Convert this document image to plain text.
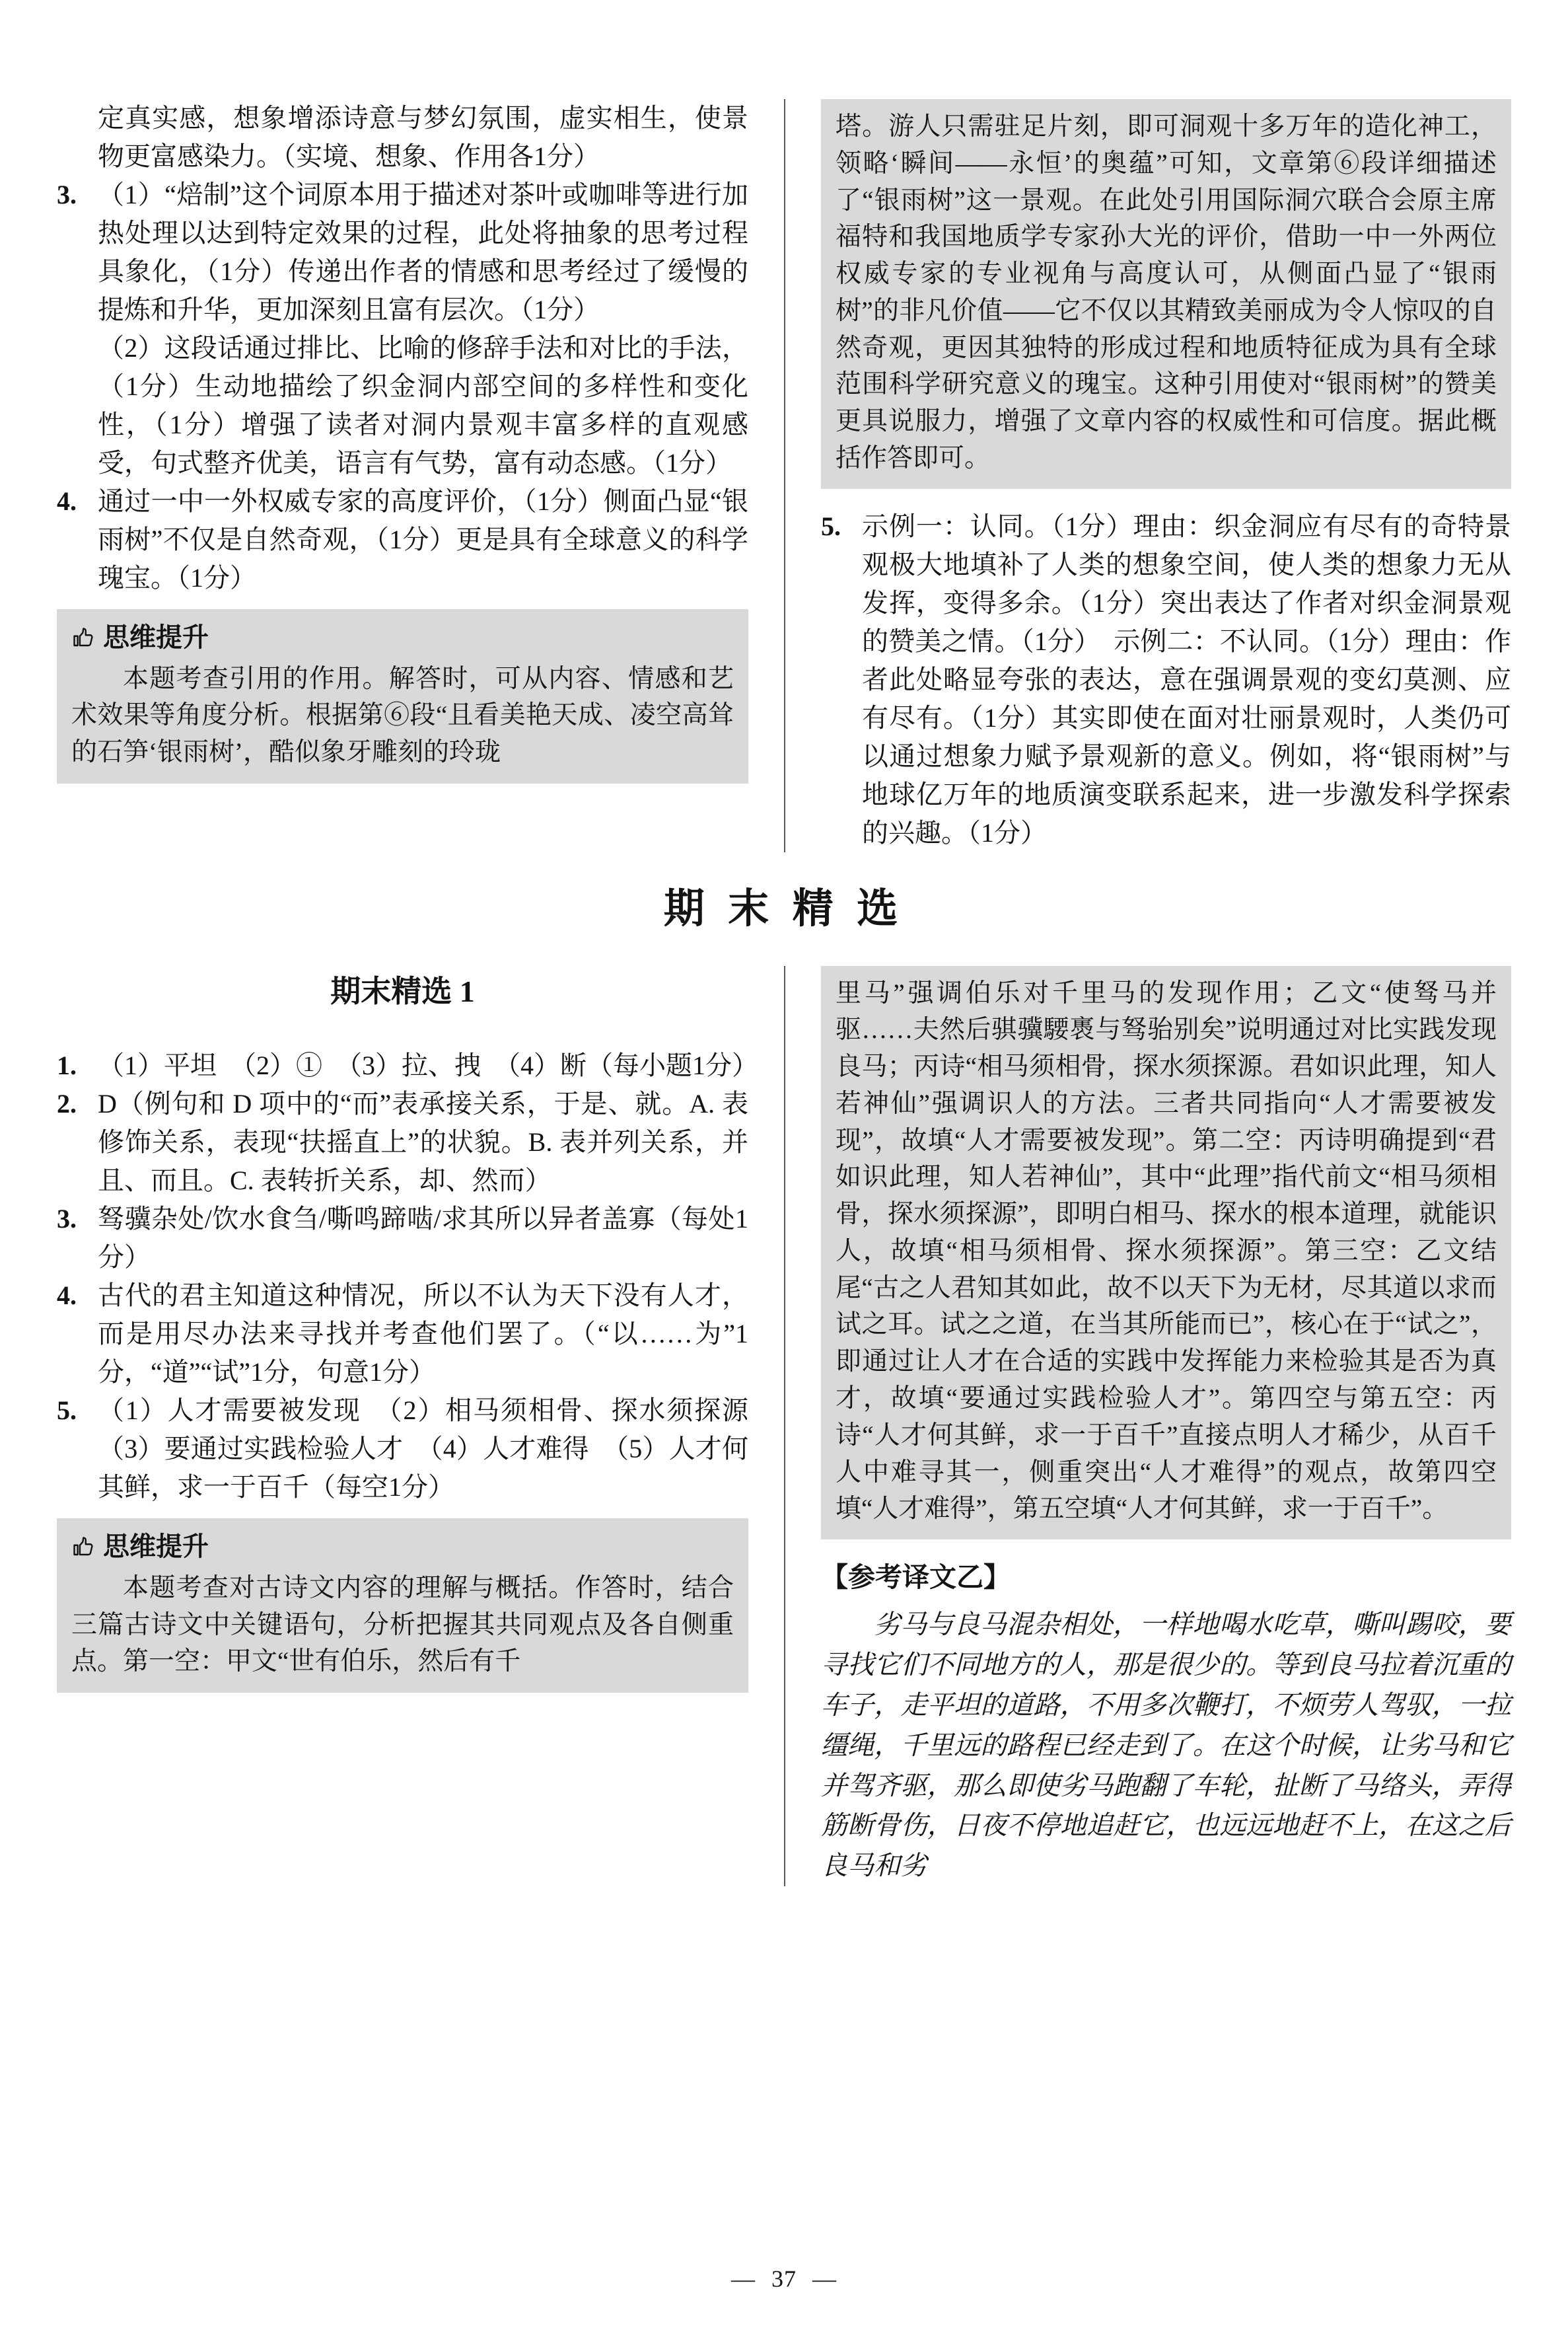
定真实感，想象增添诗意与梦幻氛围，虚实相生，使景物更富感染力。（实境、想象、作用各1分）

3. （1）“焙制”这个词原本用于描述对茶叶或咖啡等进行加热处理以达到特定效果的过程，此处将抽象的思考过程具象化，（1分）传递出作者的情感和思考经过了缓慢的提炼和升华，更加深刻且富有层次。（1分）

（2）这段话通过排比、比喻的修辞手法和对比的手法，（1分）生动地描绘了织金洞内部空间的多样性和变化性，（1分）增强了读者对洞内景观丰富多样的直观感受，句式整齐优美，语言有气势，富有动态感。（1分）

4. 通过一中一外权威专家的高度评价，（1分）侧面凸显“银雨树”不仅是自然奇观，（1分）更是具有全球意义的科学瑰宝。（1分）

思维提升

本题考查引用的作用。解答时，可从内容、情感和艺术效果等角度分析。根据第⑥段“且看美艳天成、凌空高耸的石笋‘银雨树’，酷似象牙雕刻的玲珑

塔。游人只需驻足片刻，即可洞观十多万年的造化神工，领略‘瞬间——永恒’的奥蕴”可知，文章第⑥段详细描述了“银雨树”这一景观。在此处引用国际洞穴联合会原主席福特和我国地质学专家孙大光的评价，借助一中一外两位权威专家的专业视角与高度认可，从侧面凸显了“银雨树”的非凡价值——它不仅以其精致美丽成为令人惊叹的自然奇观，更因其独特的形成过程和地质特征成为具有全球范围科学研究意义的瑰宝。这种引用使对“银雨树”的赞美更具说服力，增强了文章内容的权威性和可信度。据此概括作答即可。

5. 示例一：认同。（1分）理由：织金洞应有尽有的奇特景观极大地填补了人类的想象空间，使人类的想象力无从发挥，变得多余。（1分）突出表达了作者对织金洞景观的赞美之情。（1分）　示例二：不认同。（1分）理由：作者此处略显夸张的表达，意在强调景观的变幻莫测、应有尽有。（1分）其实即使在面对壮丽景观时，人类仍可以通过想象力赋予景观新的意义。例如，将“银雨树”与地球亿万年的地质演变联系起来，进一步激发科学探索的兴趣。（1分）

期 末 精 选
期末精选 1
1. （1）平坦　（2）①　（3）拉、拽　（4）断（每小题1分）

2. D（例句和 D 项中的“而”表承接关系，于是、就。A. 表修饰关系，表现“扶摇直上”的状貌。B. 表并列关系，并且、而且。C. 表转折关系，却、然而）

3. 驽骥杂处/饮水食刍/嘶鸣蹄啮/求其所以异者盖寡（每处1分）

4. 古代的君主知道这种情况，所以不认为天下没有人才，而是用尽办法来寻找并考查他们罢了。（“以……为”1分，“道”“试”1分，句意1分）

5. （1）人才需要被发现　（2）相马须相骨、探水须探源　（3）要通过实践检验人才　（4）人才难得　（5）人才何其鲜，求一于百千（每空1分）

思维提升

本题考查对古诗文内容的理解与概括。作答时，结合三篇古诗文中关键语句，分析把握其共同观点及各自侧重点。第一空：甲文“世有伯乐，然后有千

里马”强调伯乐对千里马的发现作用；乙文“使驽马并驱……夫然后骐骥騕褭与驽骀别矣”说明通过对比实践发现良马；丙诗“相马须相骨，探水须探源。君如识此理，知人若神仙”强调识人的方法。三者共同指向“人才需要被发现”，故填“人才需要被发现”。第二空：丙诗明确提到“君如识此理，知人若神仙”，其中“此理”指代前文“相马须相骨，探水须探源”，即明白相马、探水的根本道理，就能识人，故填“相马须相骨、探水须探源”。第三空：乙文结尾“古之人君知其如此，故不以天下为无材，尽其道以求而试之耳。试之之道，在当其所能而已”，核心在于“试之”，即通过让人才在合适的实践中发挥能力来检验其是否为真才，故填“要通过实践检验人才”。第四空与第五空：丙诗“人才何其鲜，求一于百千”直接点明人才稀少，从百千人中难寻其一，侧重突出“人才难得”的观点，故第四空填“人才难得”，第五空填“人才何其鲜，求一于百千”。

【参考译文乙】

劣马与良马混杂相处，一样地喝水吃草，嘶叫踢咬，要寻找它们不同地方的人，那是很少的。等到良马拉着沉重的车子，走平坦的道路，不用多次鞭打，不烦劳人驾驭，一拉缰绳，千里远的路程已经走到了。在这个时候，让劣马和它并驾齐驱，那么即使劣马跑翻了车轮，扯断了马络头，弄得筋断骨伤，日夜不停地追赶它，也远远地赶不上，在这之后良马和劣

— 37 —
